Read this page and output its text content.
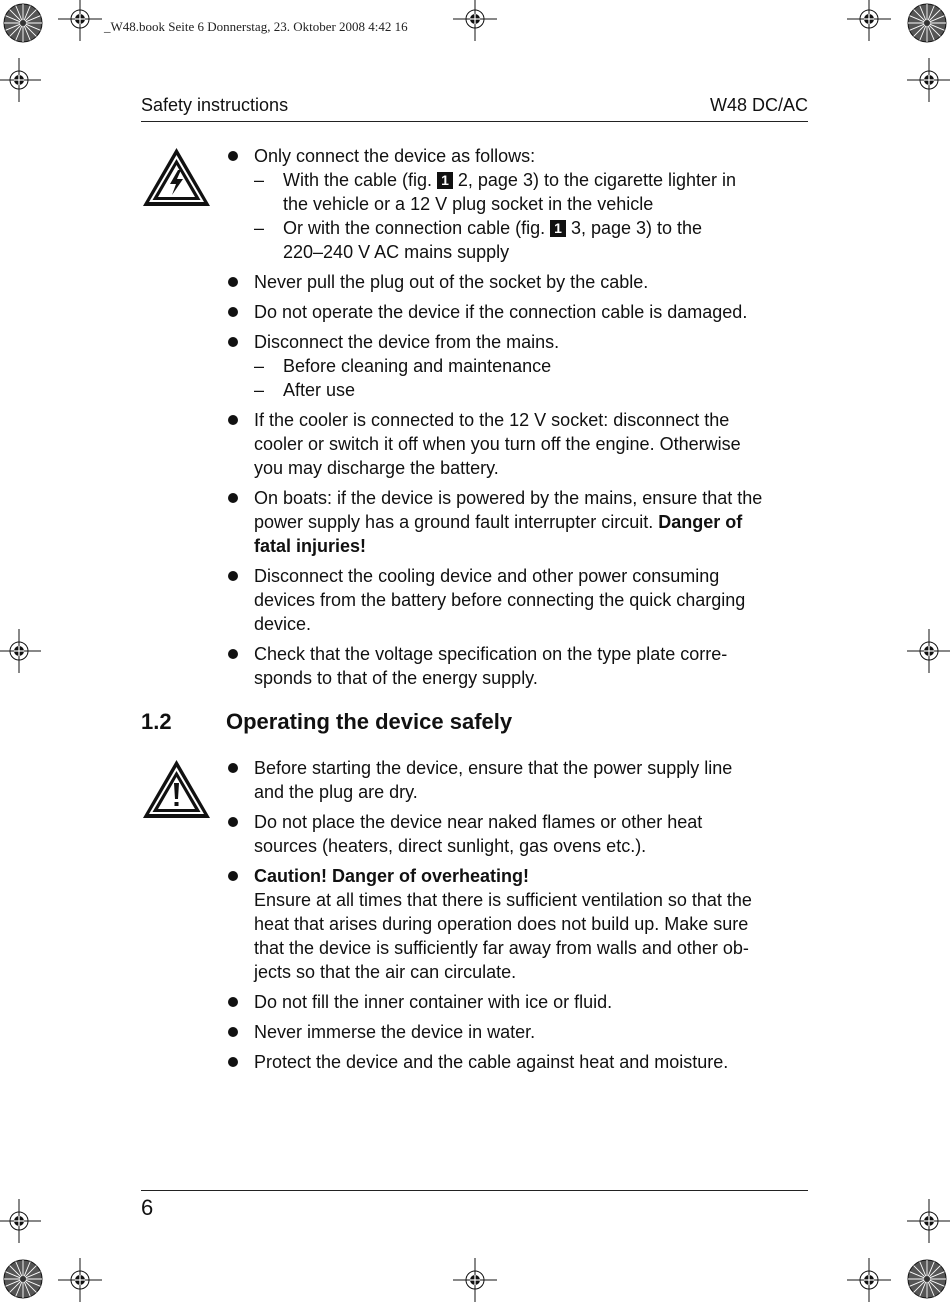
_W48.book Seite 6 Donnerstag, 23. Oktober 2008 4:42 16
Safety instructions	W48 DC/AC
Only connect the device as follows:
– With the cable (fig. 1 2, page 3) to the cigarette lighter in
the vehicle or a 12 V plug socket in the vehicle
– Or with the connection cable (fig. 1 3, page 3) to the
220–240 V AC mains supply
Never pull the plug out of the socket by the cable.
Do not operate the device if the connection cable is damaged.
Disconnect the device from the mains.
– Before cleaning and maintenance
– After use
If the cooler is connected to the 12 V socket: disconnect the
cooler or switch it off when you turn off the engine. Otherwise
you may discharge the battery.
On boats: if the device is powered by the mains, ensure that the
power supply has a ground fault interrupter circuit. Danger of
fatal injuries!
Disconnect the cooling device and other power consuming
devices from the battery before connecting the quick charging
device.
Check that the voltage specification on the type plate corre-
sponds to that of the energy supply.
1.2 Operating the device safely
Before starting the device, ensure that the power supply line
and the plug are dry.
Do not place the device near naked flames or other heat
sources (heaters, direct sunlight, gas ovens etc.).
Caution! Danger of overheating!
Ensure at all times that there is sufficient ventilation so that the
heat that arises during operation does not build up. Make sure
that the device is sufficiently far away from walls and other ob-
jects so that the air can circulate.
Do not fill the inner container with ice or fluid.
Never immerse the device in water.
Protect the device and the cable against heat and moisture.
6
